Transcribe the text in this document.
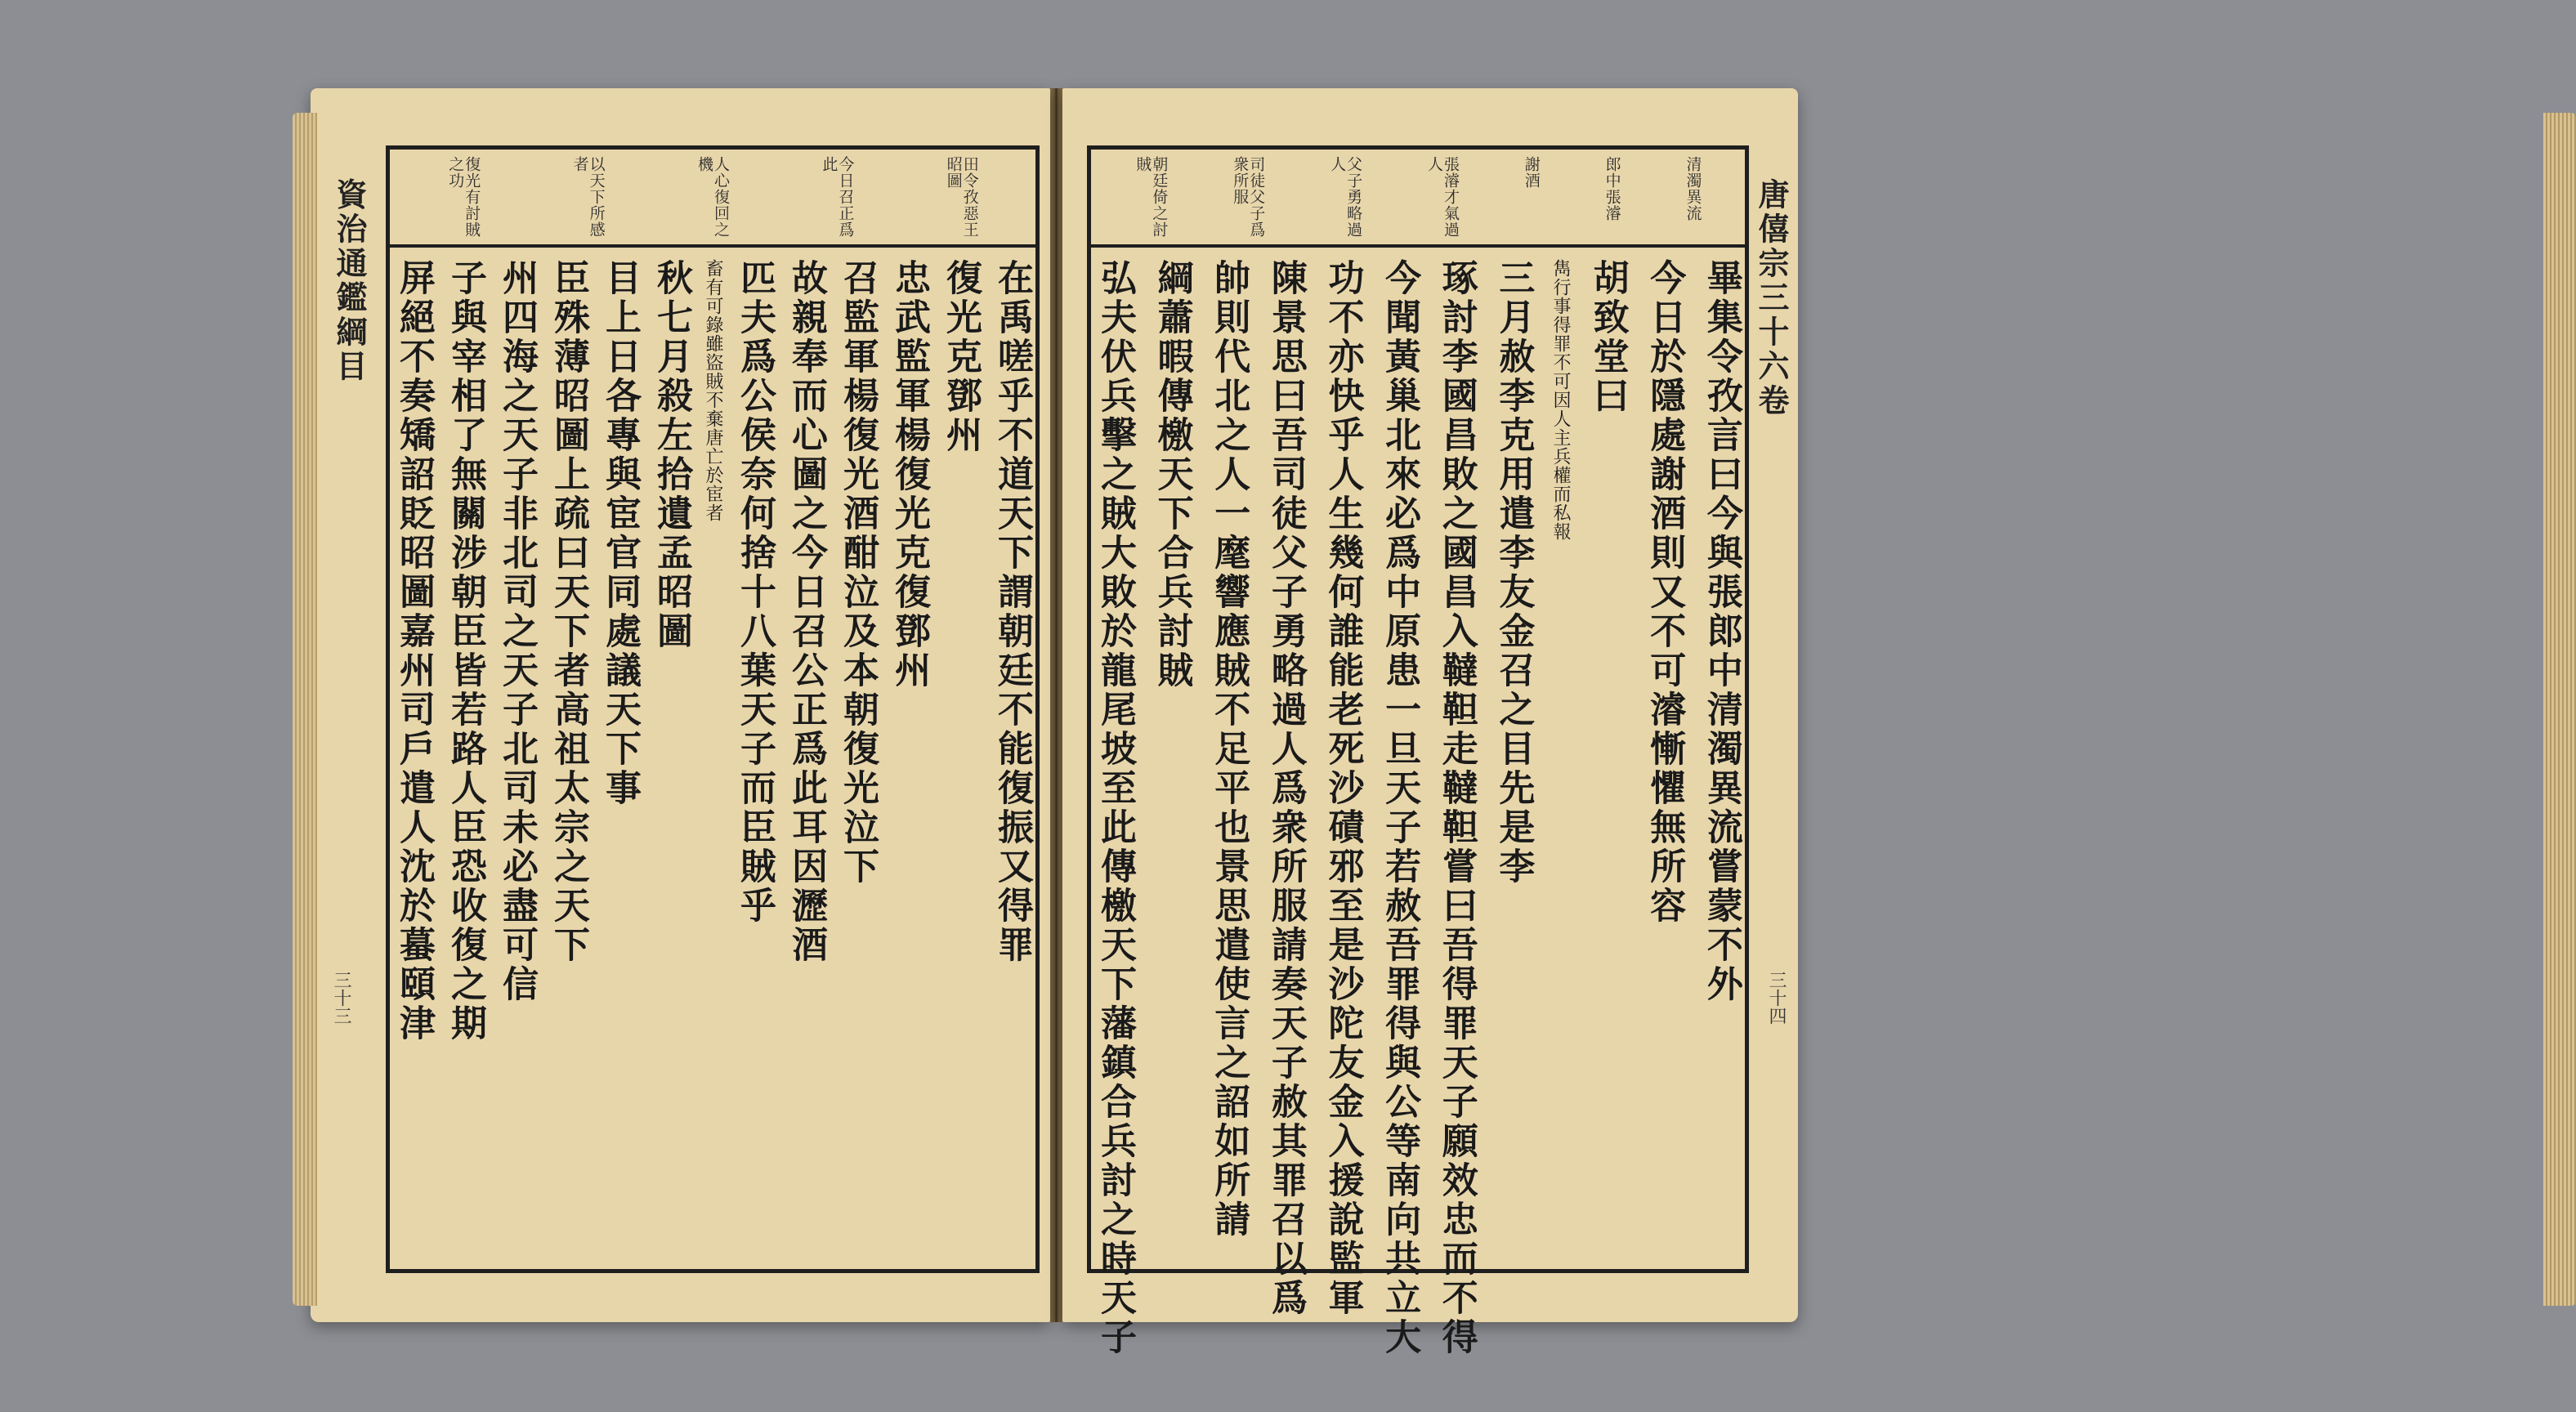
資治通鑑綱目
三十三
田令孜惡王昭圖
今日召正爲此
人心復回之機
以天下所感者
復光有討賊之功
在禹嗟乎不道天下謂朝廷不能復振又得罪
復光克鄧州
忠武監軍楊復光克復鄧州
召監軍楊復光酒酣泣及本朝復光泣下
故親奉而心圖之今日召公正爲此耳因瀝酒
匹夫爲公侯奈何捨十八葉天子而臣賊乎
畜有可錄雖盜賊不棄唐亡於宦者
秋七月殺左拾遺孟昭圖
目上日各專與宦官同處議天下事
臣殊薄昭圖上疏曰天下者高祖太宗之天下
州四海之天子非北司之天子北司未必盡可信
子與宰相了無關涉朝臣皆若路人臣恐收復之期
屏絕不奏矯詔貶昭圖嘉州司戶遣人沈於蟇頤津	唐僖宗三十六卷
三十四
清濁異流
郎中張濬
謝酒
張濬才氣過人
父子勇略過人
司徒父子爲衆所服
朝廷倚之討賊
畢集令孜言曰今與張郎中清濁異流嘗蒙不外
今日於隱處謝酒則又不可濬慚懼無所容
胡致堂曰
雋行事得罪不可因人主兵權而私報
三月赦李克用遣李友金召之目先是李
琢討李國昌敗之國昌入韃靼走韃靼嘗曰吾得罪天子願效忠而不得
今聞黃巢北來必爲中原患一旦天子若赦吾罪得與公等南向共立大
功不亦快乎人生幾何誰能老死沙磧邪至是沙陀友金入援說監軍
陳景思曰吾司徒父子勇略過人爲衆所服請奏天子赦其罪召以爲
帥則代北之人一麾響應賊不足平也景思遣使言之詔如所請
綱蕭暇傳檄天下合兵討賊
弘夫伏兵擊之賊大敗於龍尾坡至此傳檄天下藩鎮合兵討之時天子
